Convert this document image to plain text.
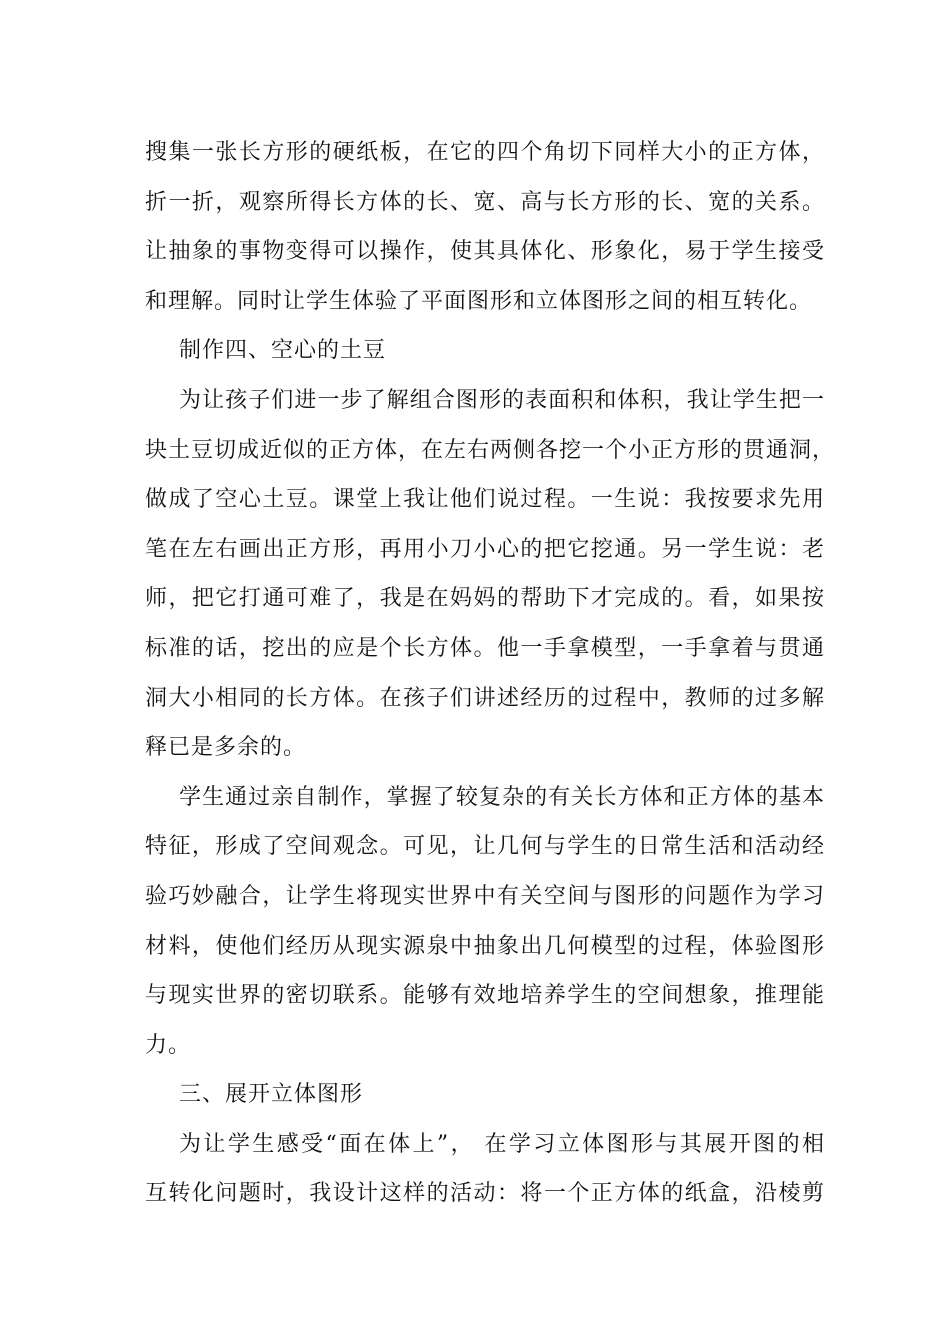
搜集一张长方形的硬纸板，在它的四个角切下同样大小的正方体，
折一折，观察所得长方体的长、宽、高与长方形的长、宽的关系。
让抽象的事物变得可以操作，使其具体化、形象化，易于学生接受
和理解。同时让学生体验了平面图形和立体图形之间的相互转化。
制作四、空心的土豆
为让孩子们进一步了解组合图形的表面积和体积，我让学生把一
块土豆切成近似的正方体，在左右两侧各挖一个小正方形的贯通洞，
做成了空心土豆。课堂上我让他们说过程。一生说：我按要求先用
笔在左右画出正方形，再用小刀小心的把它挖通。另一学生说：老
师，把它打通可难了，我是在妈妈的帮助下才完成的。看，如果按
标准的话，挖出的应是个长方体。他一手拿模型，一手拿着与贯通
洞大小相同的长方体。在孩子们讲述经历的过程中，教师的过多解
释已是多余的。
学生通过亲自制作，掌握了较复杂的有关长方体和正方体的基本
特征，形成了空间观念。可见，让几何与学生的日常生活和活动经
验巧妙融合，让学生将现实世界中有关空间与图形的问题作为学习
材料，使他们经历从现实源泉中抽象出几何模型的过程，体验图形
与现实世界的密切联系。能够有效地培养学生的空间想象，推理能
力。
三、展开立体图形
为让学生感受“面在体上”， 在学习立体图形与其展开图的相
互转化问题时，我设计这样的活动：将一个正方体的纸盒，沿棱剪
